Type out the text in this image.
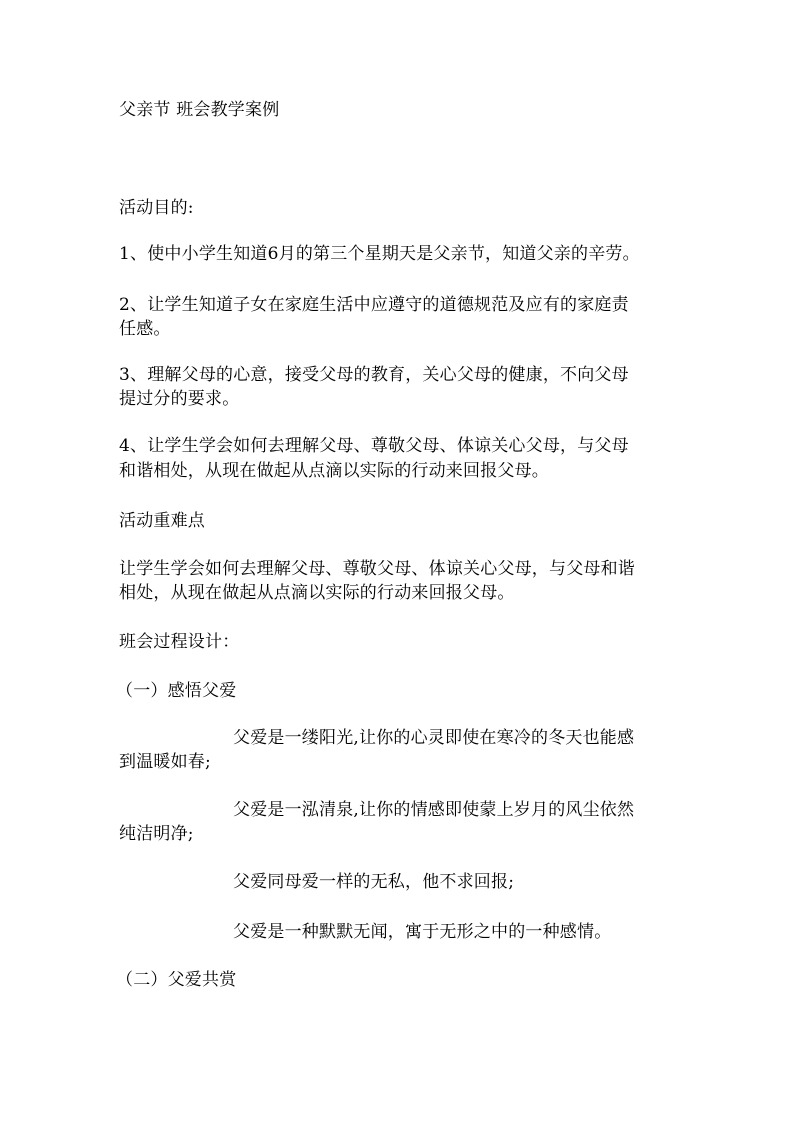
父亲节 班会教学案例
活动目的:
1、使中小学生知道6月的第三个星期天是父亲节，知道父亲的辛劳。
2、让学生知道子女在家庭生活中应遵守的道德规范及应有的家庭责
任感。
3、理解父母的心意，接受父母的教育，关心父母的健康，不向父母
提过分的要求。
4、让学生学会如何去理解父母、尊敬父母、体谅关心父母，与父母
和谐相处，从现在做起从点滴以实际的行动来回报父母。
活动重难点
让学生学会如何去理解父母、尊敬父母、体谅关心父母，与父母和谐
相处，从现在做起从点滴以实际的行动来回报父母。
班会过程设计：
（一）感悟父爱
父爱是一缕阳光,让你的心灵即使在寒冷的冬天也能感
到温暖如春;
父爱是一泓清泉,让你的情感即使蒙上岁月的风尘依然
纯洁明净;
父爱同母爱一样的无私，他不求回报;
父爱是一种默默无闻，寓于无形之中的一种感情。
（二）父爱共赏
